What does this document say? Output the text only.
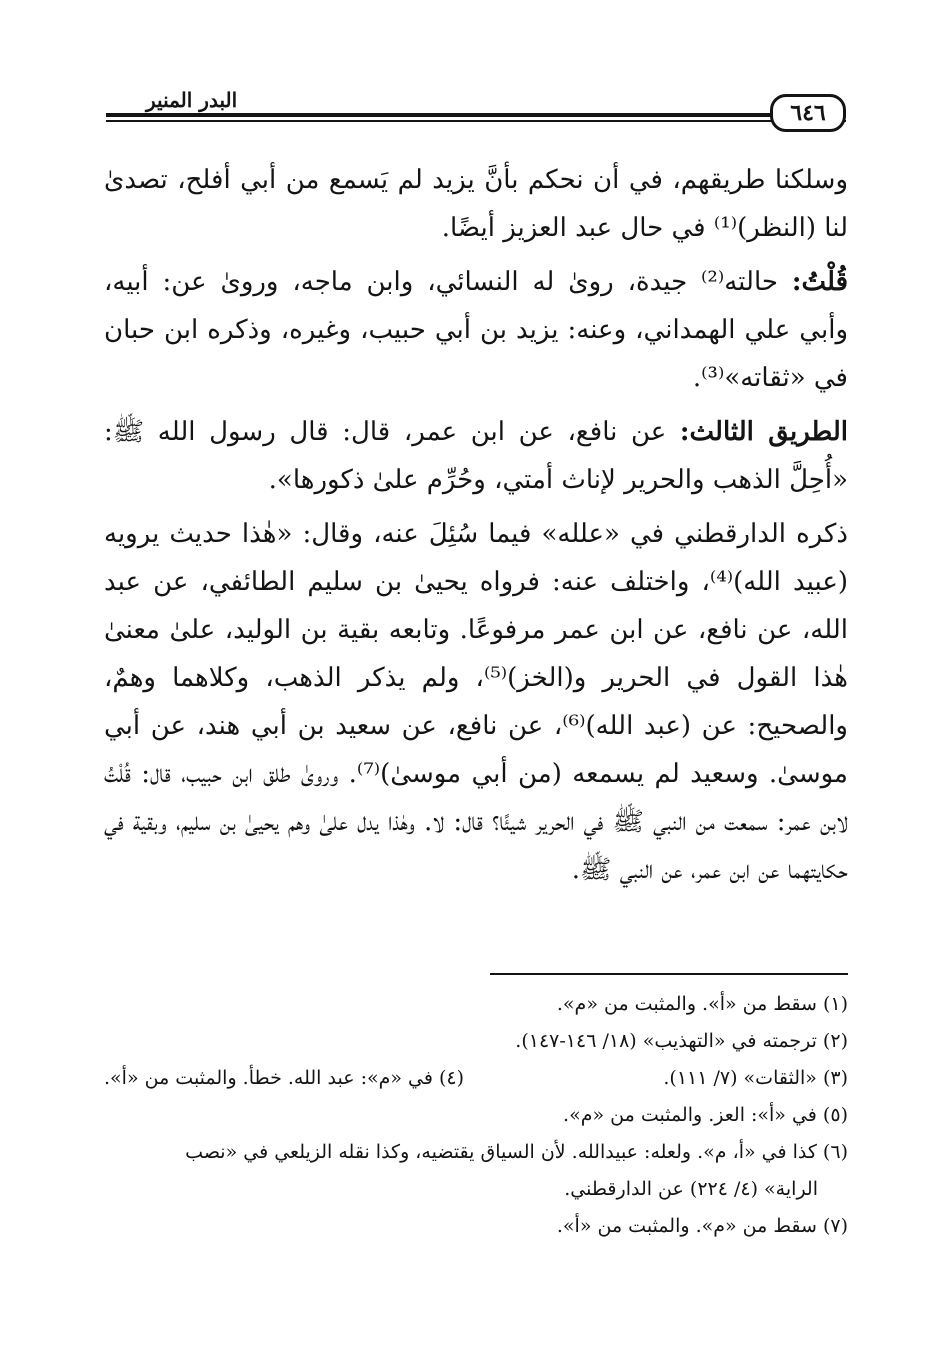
٦٤٦
البدر المنير

وسلكنا طريقهم، في أن نحكم بأنَّ يزيد لم يَسمع من أبي أفلح، تصدىٰ لنا (النظر)⁽¹⁾ في حال عبد العزيز أيضًا.

قُلْتُ: حالته⁽²⁾ جيدة، رویٰ له النسائي، وابن ماجه، ورویٰ عن: أبيه، وأبي علي الهمداني، وعنه: يزيد بن أبي حبيب، وغيره، وذكره ابن حبان في «ثقاته»⁽³⁾.

الطريق الثالث: عن نافع، عن ابن عمر، قال: قال رسول الله ﷺ: «أُحِلَّ الذهب والحرير لإناث أمتي، وحُرِّم علىٰ ذكورها».

ذكره الدارقطني في «علله» فيما سُئِلَ عنه، وقال: «هٰذا حديث يرويه (عبيد الله)⁽⁴⁾، واختلف عنه: فرواه يحيىٰ بن سليم الطائفي، عن عبد الله، عن نافع، عن ابن عمر مرفوعًا. وتابعه بقية بن الوليد، علىٰ معنىٰ هٰذا القول في الحرير و(الخز)⁽⁵⁾، ولم يذكر الذهب، وكلاهما وهمٌ، والصحيح: عن (عبد الله)⁽⁶⁾، عن نافع، عن سعيد بن أبي هند، عن أبي موسىٰ. وسعيد لم يسمعه (من أبي موسىٰ)⁽⁷⁾. ورویٰ طلق ابن حبيب، قال: قُلْتُ لابن عمر: سمعت من النبي ﷺ في الحرير شيئًا؟ قال: لا. وهٰذا يدل علىٰ وهم يحيىٰ بن سليم، وبقية في حكايتهما عن ابن عمر، عن النبي ﷺ.

(١) سقط من «أ». والمثبت من «م».

(٢) ترجمته في «التهذيب» (١٨/ ١٤٦-١٤٧).

(٣) «الثقات» (٧/ ١١١).

(٤) في «م»: عبد الله. خطأ. والمثبت من «أ».

(٥) في «أ»: العز. والمثبت من «م».

(٦) كذا في «أ، م». ولعله: عبيدالله. لأن السياق يقتضيه، وكذا نقله الزيلعي في «نصب

الراية» (٤/ ٢٢٤) عن الدارقطني.

(٧) سقط من «م». والمثبت من «أ».
